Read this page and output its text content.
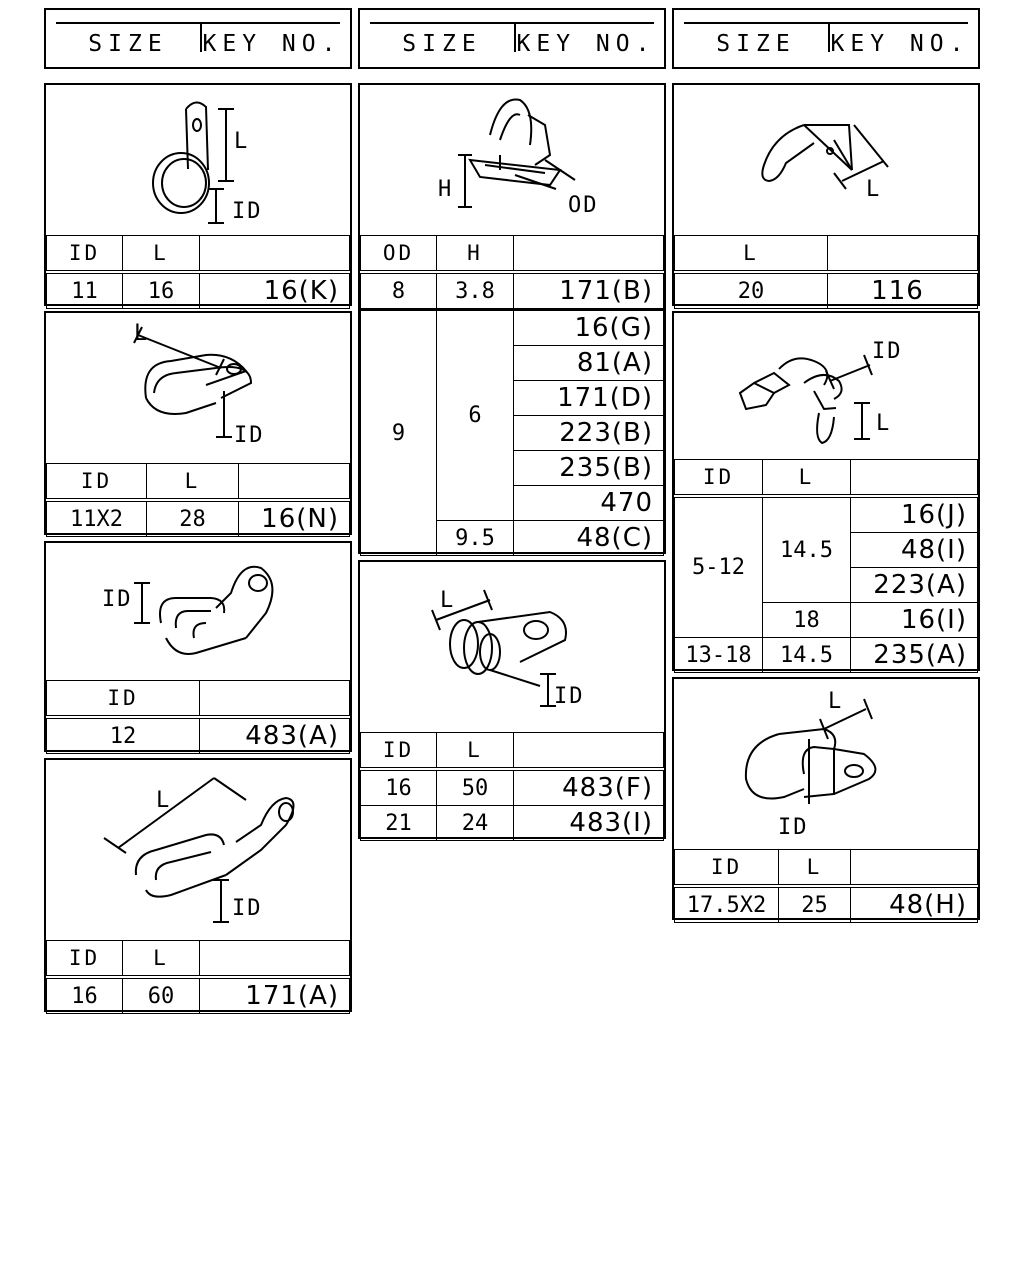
SIZE	KEY NO.	SIZE	KEY NO.	SIZE	KEY NO.
L
ID
ID	L	
11	16	16(K)
L
ID
ID	L	
11X2	28	16(N)
ID
ID	
12	483(A)
L
ID
ID	L	
16	60	171(A)
H
OD
OD	H	
8	3.8	171(B)
9	6	16(G)
		81(A)
		171(D)
		223(B)
		235(B)
		470
	9.5	48(C)
L
ID
ID	L	
16	50	483(F)
21	24	483(I)
L
L	
20	116
ID
L
ID	L	
5-12	14.5	16(J)
		48(I)
		223(A)
	18	16(I)
13-18	14.5	235(A)
L
ID
ID	L	
17.5X2	25	48(H)
